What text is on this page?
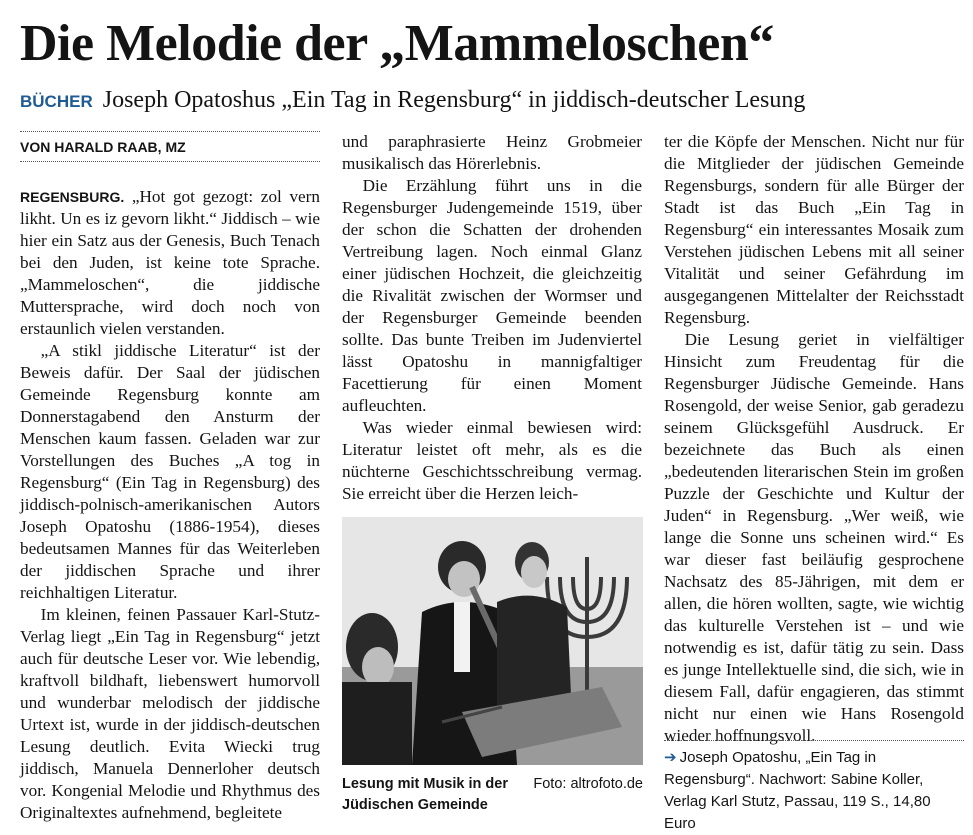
Die Melodie der „Mammeloschen“
BÜCHER Joseph Opatoshus „Ein Tag in Regensburg“ in jiddisch-deutscher Lesung
VON HARALD RAAB, MZ

REGENSBURG. „Hot got gezogt: zol vern likht. Un es iz gevorn likht.“ Jiddisch – wie hier ein Satz aus der Genesis, Buch Tenach bei den Juden, ist keine tote Sprache. „Mammeloschen“, die jiddische Muttersprache, wird doch noch von erstaunlich vielen verstanden.

„A stikl jiddische Literatur“ ist der Beweis dafür. Der Saal der jüdischen Gemeinde Regensburg konnte am Donnerstagabend den Ansturm der Menschen kaum fassen. Geladen war zur Vorstellungen des Buches „A tog in Regensburg“ (Ein Tag in Regensburg) des jiddisch-polnisch-amerikanischen Autors Joseph Opatoshu (1886-1954), dieses bedeutsamen Mannes für das Weiterleben der jiddischen Sprache und ihrer reichhaltigen Literatur.

Im kleinen, feinen Passauer Karl-Stutz-Verlag liegt „Ein Tag in Regensburg“ jetzt auch für deutsche Leser vor. Wie lebendig, kraftvoll bildhaft, liebenswert humorvoll und wunderbar melodisch der jiddische Urtext ist, wurde in der jiddisch-deutschen Lesung deutlich. Evita Wiecki trug jiddisch, Manuela Dennerloher deutsch vor. Kongenial Melodie und Rhythmus des Originaltextes aufnehmend, begleitete

und paraphrasierte Heinz Grobmeier musikalisch das Hörerlebnis.

Die Erzählung führt uns in die Regensburger Judengemeinde 1519, über der schon die Schatten der drohenden Vertreibung lagen. Noch einmal Glanz einer jüdischen Hochzeit, die gleichzeitig die Rivalität zwischen der Wormser und der Regensburger Gemeinde beenden sollte. Das bunte Treiben im Judenviertel lässt Opatoshu in mannigfaltiger Facettierung für einen Moment aufleuchten.

Was wieder einmal bewiesen wird: Literatur leistet oft mehr, als es die nüchterne Geschichtsschreibung vermag. Sie erreicht über die Herzen leich-

Foto: altrofoto.de
Lesung mit Musik in der Jüdischen Gemeinde

ter die Köpfe der Menschen. Nicht nur für die Mitglieder der jüdischen Gemeinde Regensburgs, sondern für alle Bürger der Stadt ist das Buch „Ein Tag in Regensburg“ ein interessantes Mosaik zum Verstehen jüdischen Lebens mit all seiner Vitalität und seiner Gefährdung im ausgegangenen Mittelalter der Reichsstadt Regensburg.

Die Lesung geriet in vielfältiger Hinsicht zum Freudentag für die Regensburger Jüdische Gemeinde. Hans Rosengold, der weise Senior, gab geradezu seinem Glücksgefühl Ausdruck. Er bezeichnete das Buch als einen „bedeutenden literarischen Stein im großen Puzzle der Geschichte und Kultur der Juden“ in Regensburg. „Wer weiß, wie lange die Sonne uns scheinen wird.“ Es war dieser fast beiläufig gesprochene Nachsatz des 85-Jährigen, mit dem er allen, die hören wollten, sagte, wie wichtig das kulturelle Verstehen ist – und wie notwendig es ist, dafür tätig zu sein. Dass es junge Intellektuelle sind, die sich, wie in diesem Fall, dafür engagieren, das stimmt nicht nur einen wie Hans Rosengold wieder hoffnungsvoll.

➔ Joseph Opatoshu, „Ein Tag in Regensburg“. Nachwort: Sabine Koller, Verlag Karl Stutz, Passau, 119 S., 14,80 Euro
